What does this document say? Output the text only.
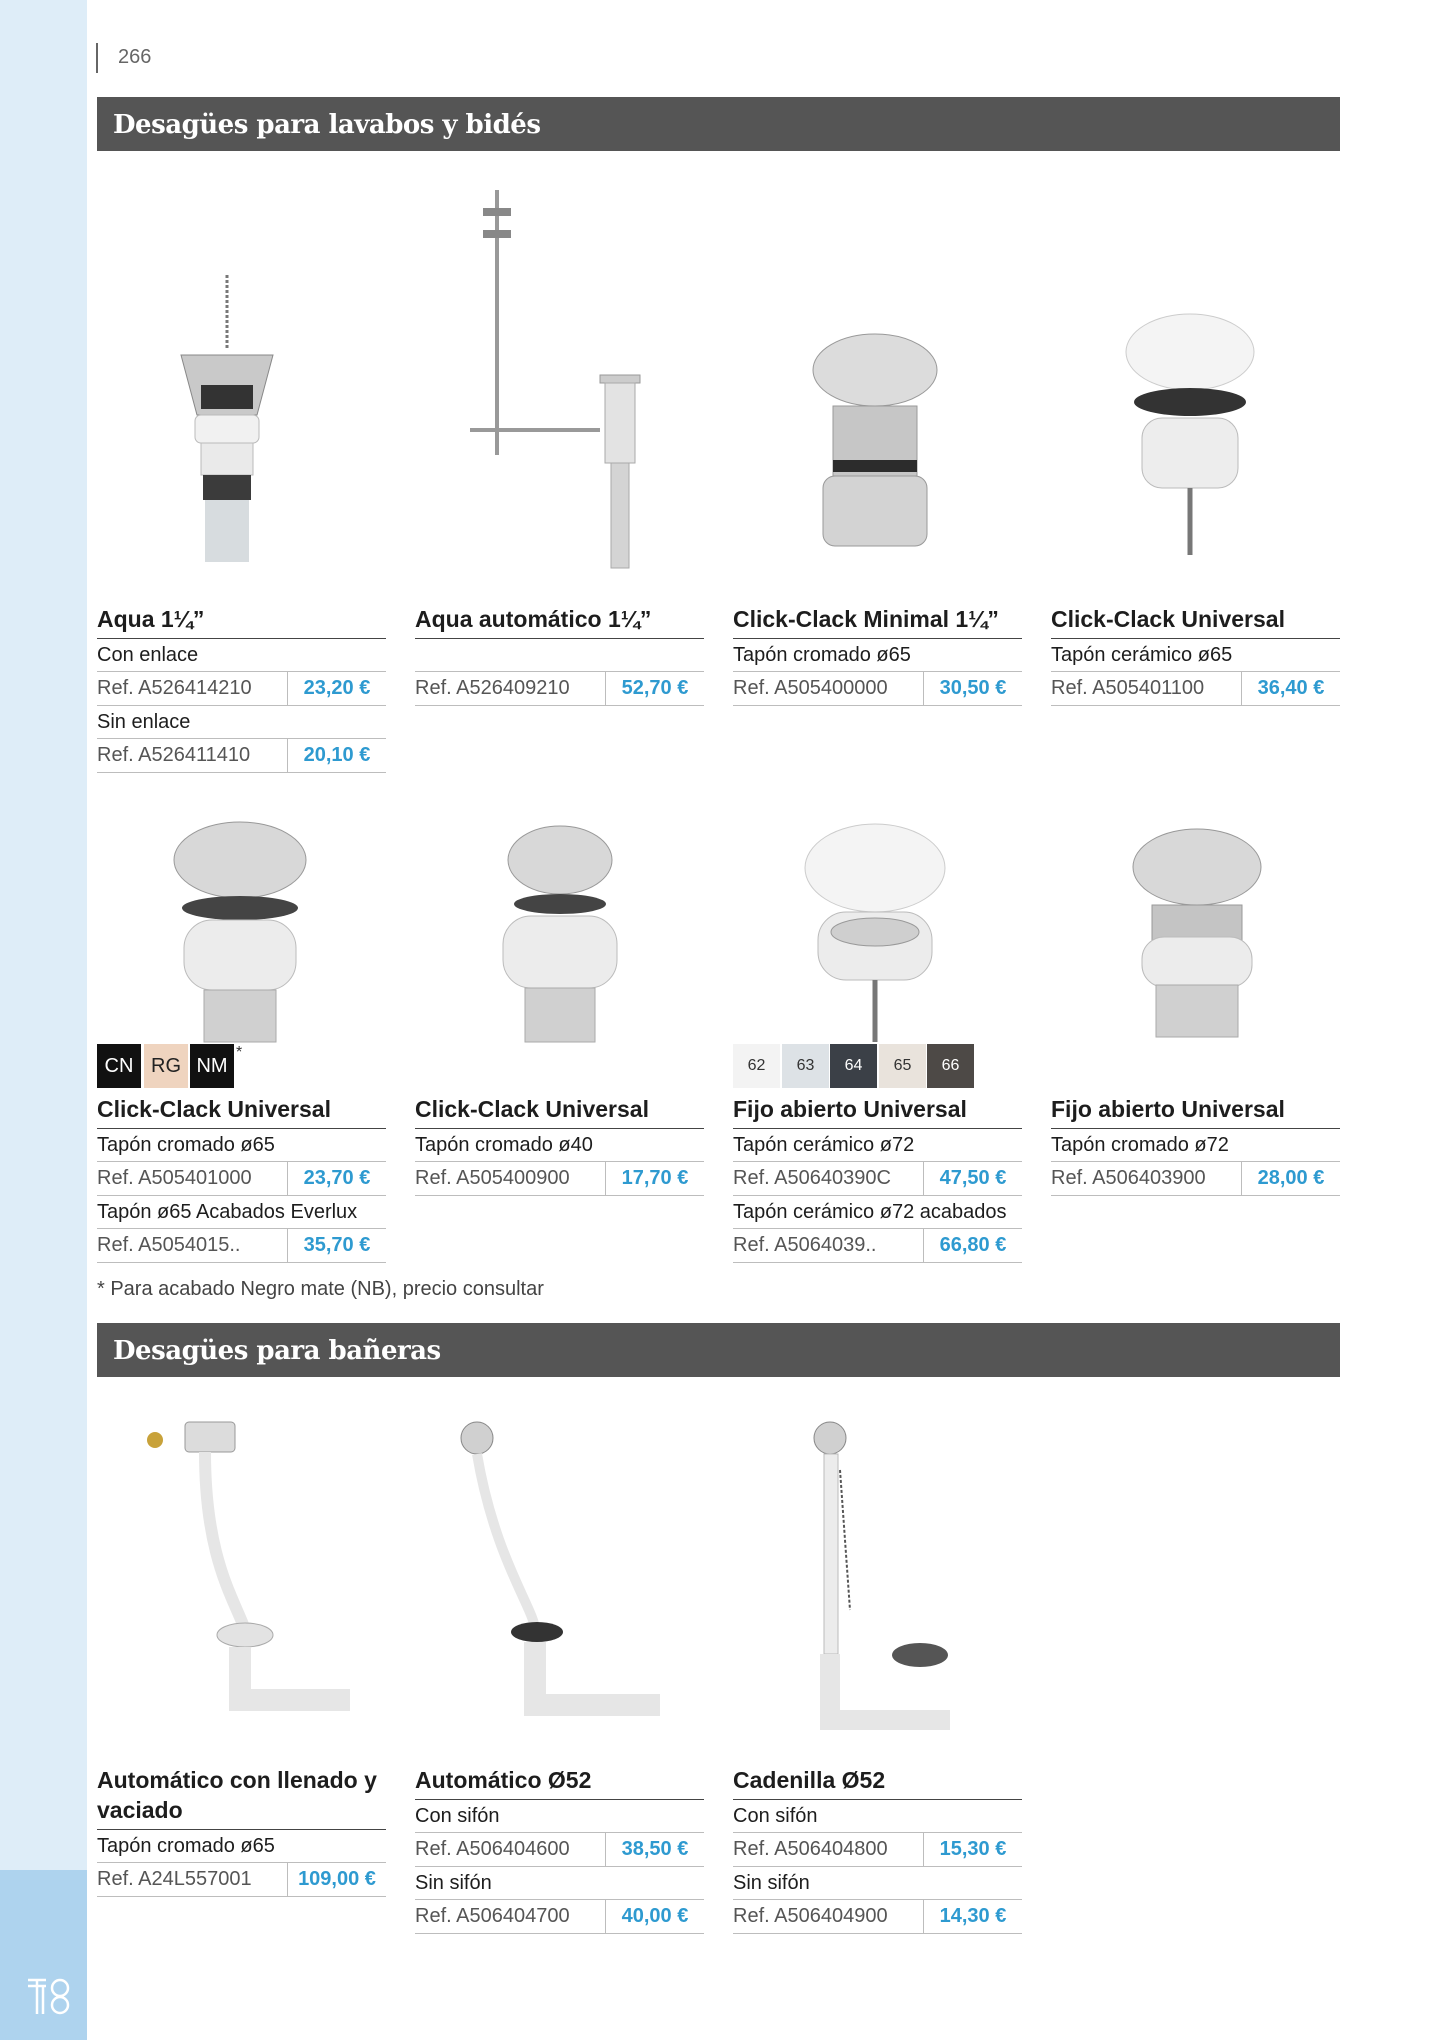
266
Desagües para lavabos y bidés
Desagües para bañeras
Aqua 1¼”
Con enlace
Ref. A526414210	23,20 €
Sin enlace
Ref. A526411410	20,10 €
Aqua automático 1¼”
Ref. A526409210	52,70 €
Click-Clack Minimal 1¼”
Tapón cromado ø65
Ref. A505400000	30,50 €
Click-Clack Universal
Tapón cerámico ø65
Ref. A505401100	36,40 €
CN RG NM
*
62	63	64	65	66
Click-Clack Universal
Tapón cromado ø65
Ref. A505401000	23,70 €
Tapón ø65 Acabados Everlux
Ref. A5054015..	35,70 €
Click-Clack Universal
Tapón cromado ø40
Ref. A505400900	17,70 €
Fijo abierto Universal
Tapón cerámico ø72
Ref. A50640390C	47,50 €
Tapón cerámico ø72 acabados
Ref. A5064039..	66,80 €
Fijo abierto Universal
Tapón cromado ø72
Ref. A506403900	28,00 €
* Para acabado Negro mate (NB), precio consultar
Automático con llenado y vaciado
Tapón cromado ø65
Ref. A24L557001	109,00 €
Automático Ø52
Con sifón
Ref. A506404600	38,50 €
Sin sifón
Ref. A506404700	40,00 €
Cadenilla Ø52
Con sifón
Ref. A506404800	15,30 €
Sin sifón
Ref. A506404900	14,30 €
